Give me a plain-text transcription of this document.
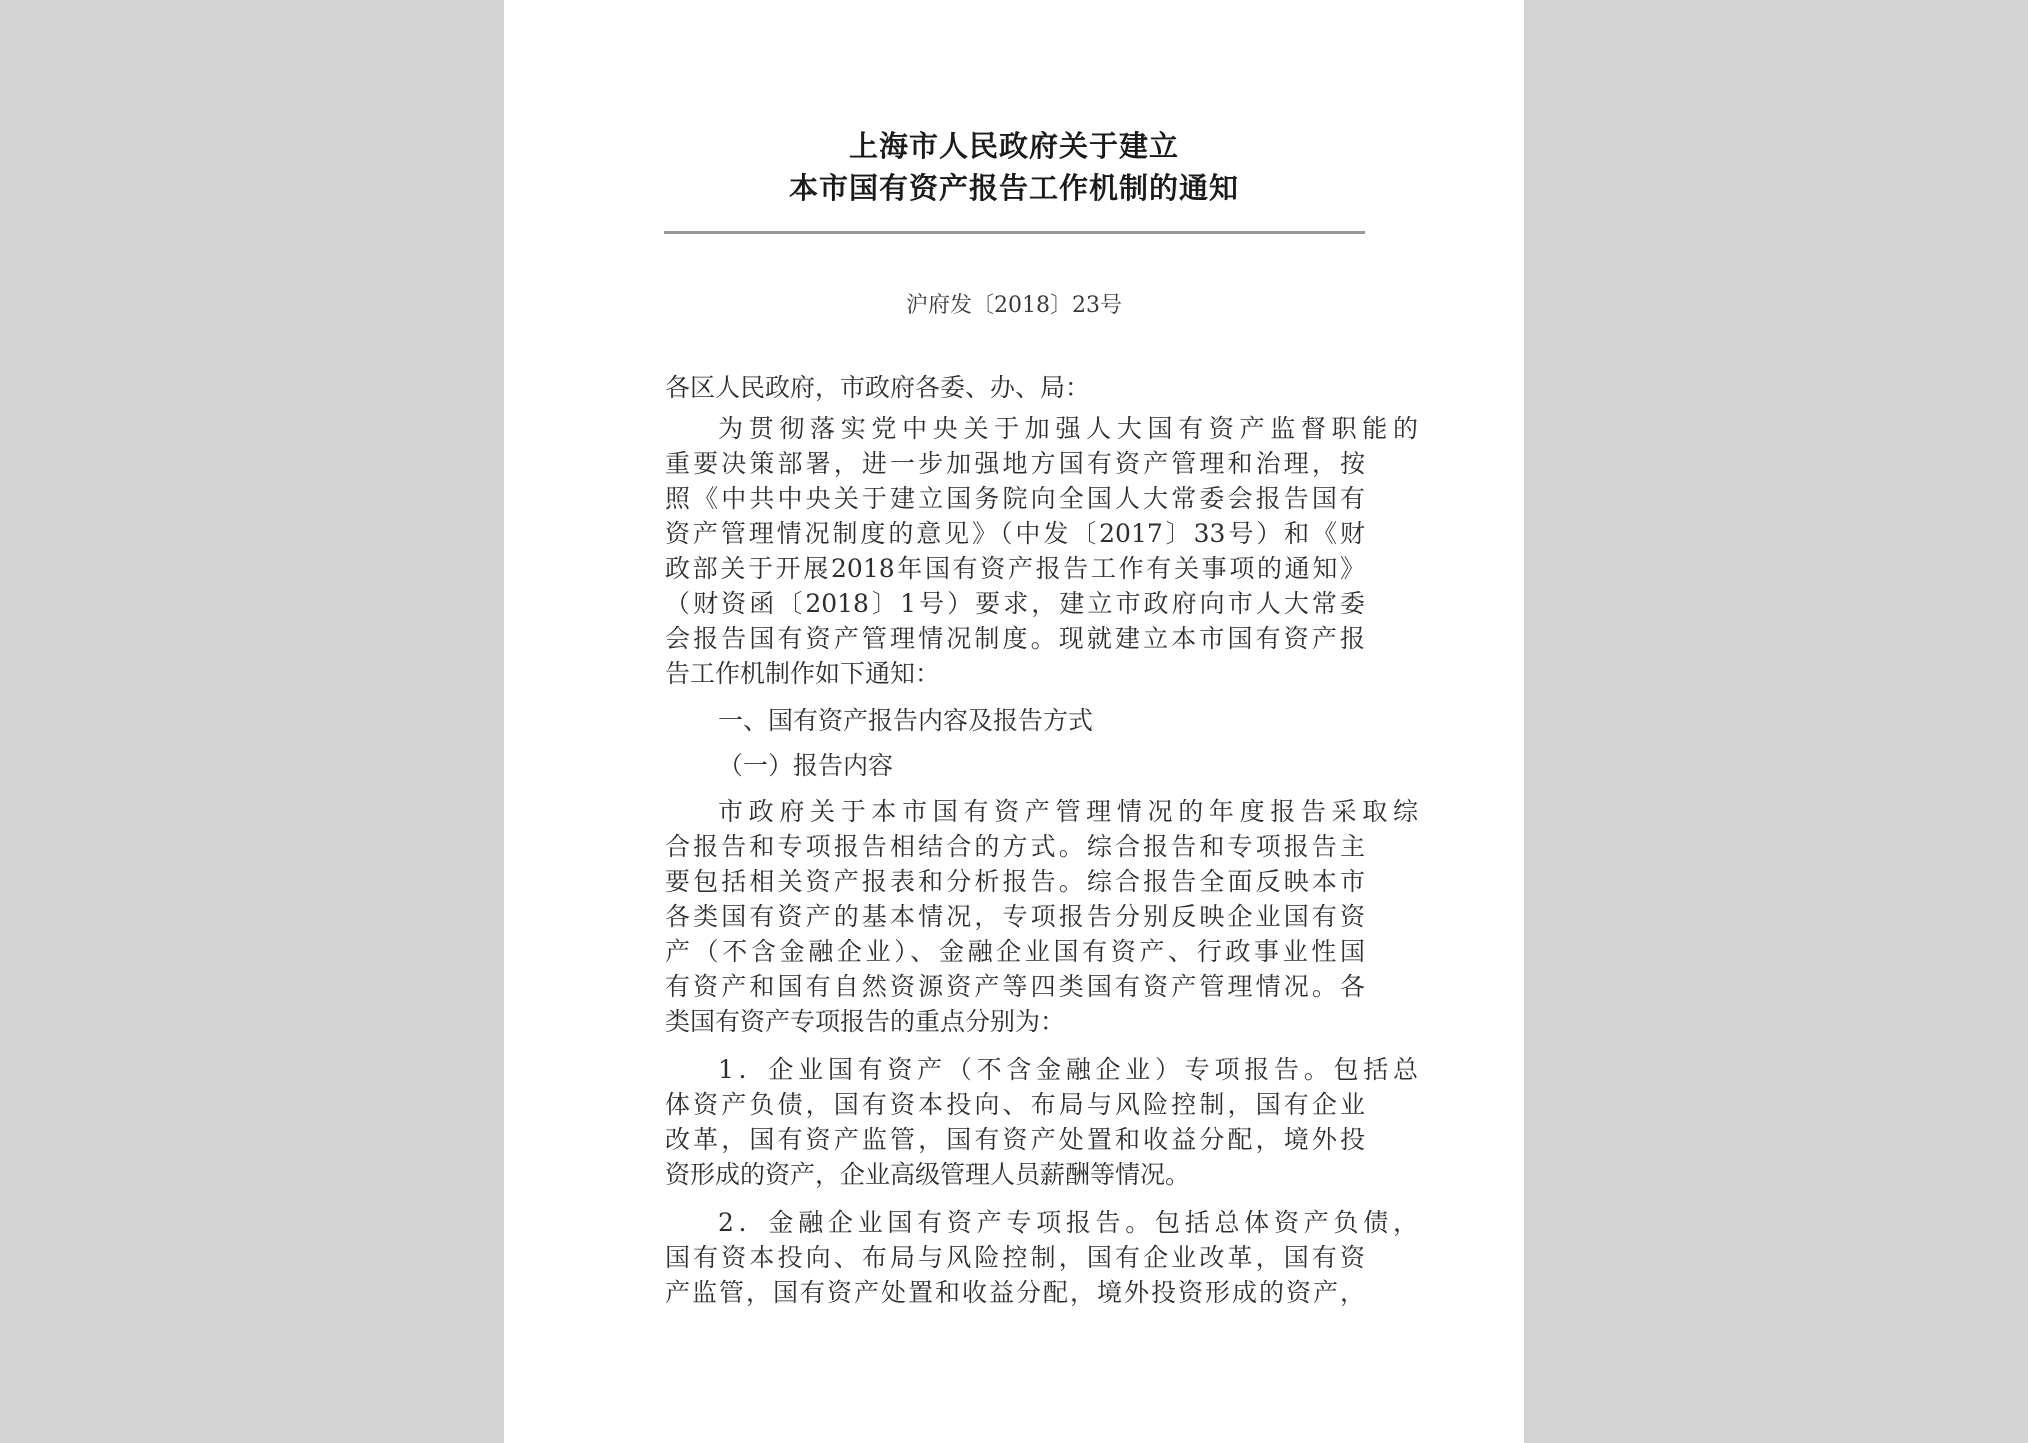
上海市人民政府关于建立
本市国有资产报告工作机制的通知
沪府发〔2018〕23号
各区人民政府，市政府各委、办、局：
为贯彻落实党中央关于加强人大国有资产监督职能的
重要决策部署，进一步加强地方国有资产管理和治理，按
照《中共中央关于建立国务院向全国人大常委会报告国有
资产管理情况制度的意见》（中发〔2017〕33号）和《财
政部关于开展2018年国有资产报告工作有关事项的通知》
（财资函〔2018〕1号）要求，建立市政府向市人大常委
会报告国有资产管理情况制度。现就建立本市国有资产报
告工作机制作如下通知：
一、国有资产报告内容及报告方式
（一）报告内容
市政府关于本市国有资产管理情况的年度报告采取综
合报告和专项报告相结合的方式。综合报告和专项报告主
要包括相关资产报表和分析报告。综合报告全面反映本市
各类国有资产的基本情况，专项报告分别反映企业国有资
产（不含金融企业）、金融企业国有资产、行政事业性国
有资产和国有自然资源资产等四类国有资产管理情况。各
类国有资产专项报告的重点分别为：
1．企业国有资产（不含金融企业）专项报告。包括总
体资产负债，国有资本投向、布局与风险控制，国有企业
改革，国有资产监管，国有资产处置和收益分配，境外投
资形成的资产，企业高级管理人员薪酬等情况。
2．金融企业国有资产专项报告。包括总体资产负债，
国有资本投向、布局与风险控制，国有企业改革，国有资
产监管，国有资产处置和收益分配，境外投资形成的资产，
